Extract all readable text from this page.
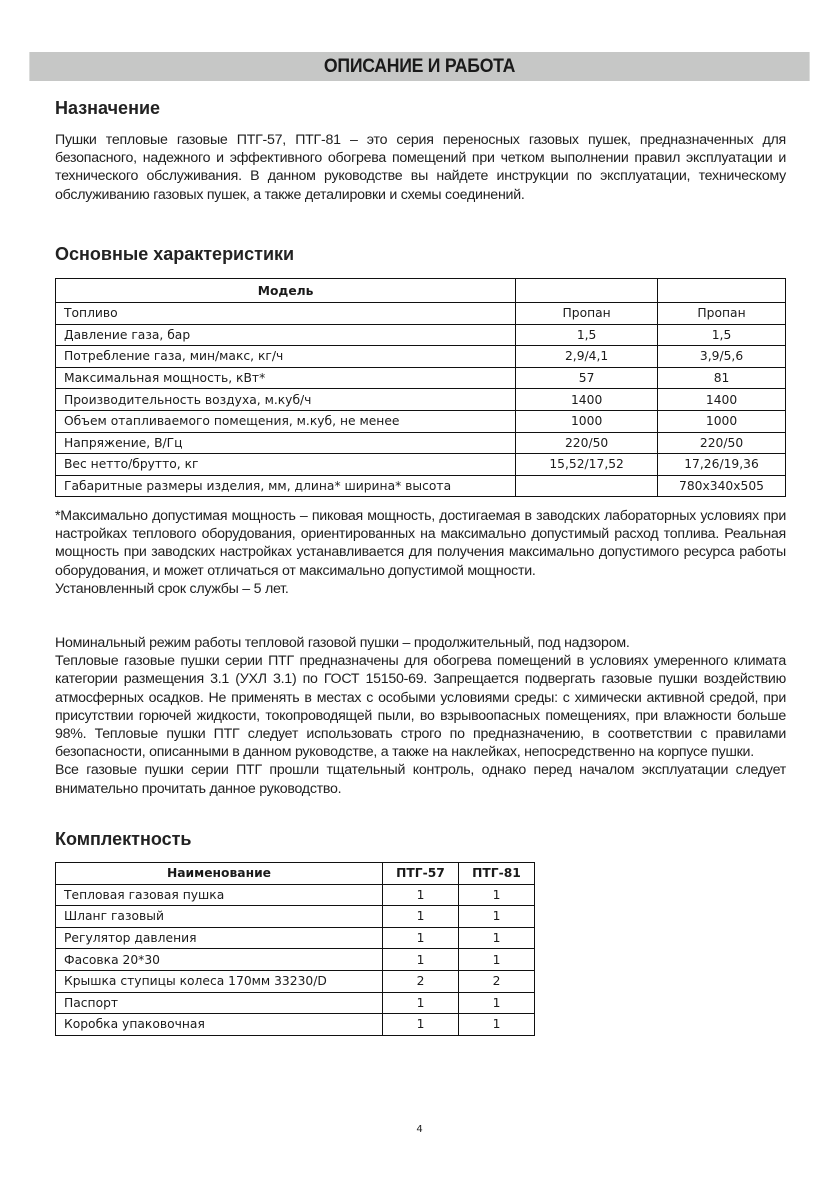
ОПИСАНИЕ И РАБОТА
Назначение

Пушки тепловые газовые ПТГ-57, ПТГ-81 – это серия переносных газовых пушек, предназначенных для безопасного, надежного и эффективного обогрева помещений при четком выполнении правил эксплуатации и технического обслуживания. В данном руководстве вы найдете инструкции по эксплуатации, техническому обслуживанию газовых пушек, а также деталировки и схемы соединений.

Основные характеристики
Модель		
Топливо	Пропан	Пропан
Давление газа, бар	1,5	1,5
Потребление газа, мин/макс, кг/ч	2,9/4,1	3,9/5,6
Максимальная мощность, кВт*	57	81
Производительность воздуха, м.куб/ч	1400	1400
Объем отапливаемого помещения, м.куб, не менее	1000	1000
Напряжение, В/Гц	220/50	220/50
Вес нетто/брутто, кг	15,52/17,52	17,26/19,36
Габаритные размеры изделия, мм, длина* ширина* высота		780x340x505

*Максимально допустимая мощность – пиковая мощность, достигаемая в заводских лабораторных условиях при настройках теплового оборудования, ориентированных на максимально допустимый расход топлива. Реальная мощность при заводских настройках устанавливается для получения максимально допустимого ресурса работы оборудования, и может отличаться от максимально допустимой мощности.

Установленный срок службы – 5 лет.

Номинальный режим работы тепловой газовой пушки – продолжительный, под надзором.

Тепловые газовые пушки серии ПТГ предназначены для обогрева помещений в условиях умеренного климата категории размещения 3.1 (УХЛ 3.1) по ГОСТ 15150-69. Запрещается подвергать газовые пушки воздействию атмосферных осадков. Не применять в местах с особыми условиями среды: с химически активной средой, при присутствии горючей жидкости, токопроводящей пыли, во взрывоопасных помещениях, при влажности больше 98%. Тепловые пушки ПТГ следует использовать строго по предназначению, в соответствии с правилами безопасности, описанными в данном руководстве, а также на наклейках, непосредственно на корпусе пушки.

Все газовые пушки серии ПТГ прошли тщательный контроль, однако перед началом эксплуатации следует внимательно прочитать данное руководство.

Комплектность
Наименование	ПТГ-57	ПТГ-81
Тепловая газовая пушка	1	1
Шланг газовый	1	1
Регулятор давления	1	1
Фасовка 20*30	1	1
Крышка ступицы колеса 170мм 33230/D	2	2
Паспорт	1	1
Коробка упаковочная	1	1
4
